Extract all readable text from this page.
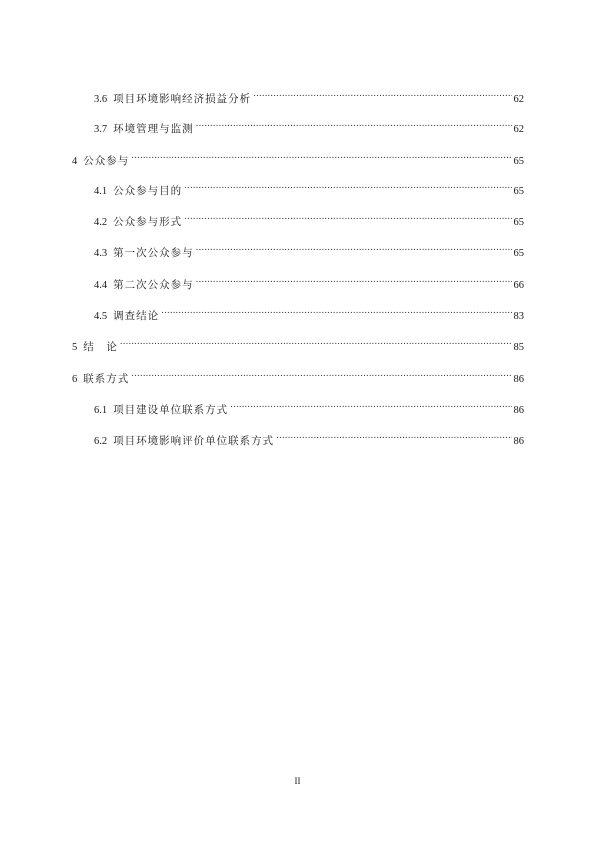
3.6 项目环境影响经济损益分析 .....	62
3.7 环境管理与监测 .....	62
4 公众参与 .....	65
4.1 公众参与目的 .....	65
4.2 公众参与形式 .....	65
4.3 第一次公众参与 .....	65
4.4 第二次公众参与 .....	66
4.5 调查结论 .....	83
5 结　论 .....	85
6 联系方式 .....	86
6.1 项目建设单位联系方式 .....	86
6.2 项目环境影响评价单位联系方式 .....	86
II
